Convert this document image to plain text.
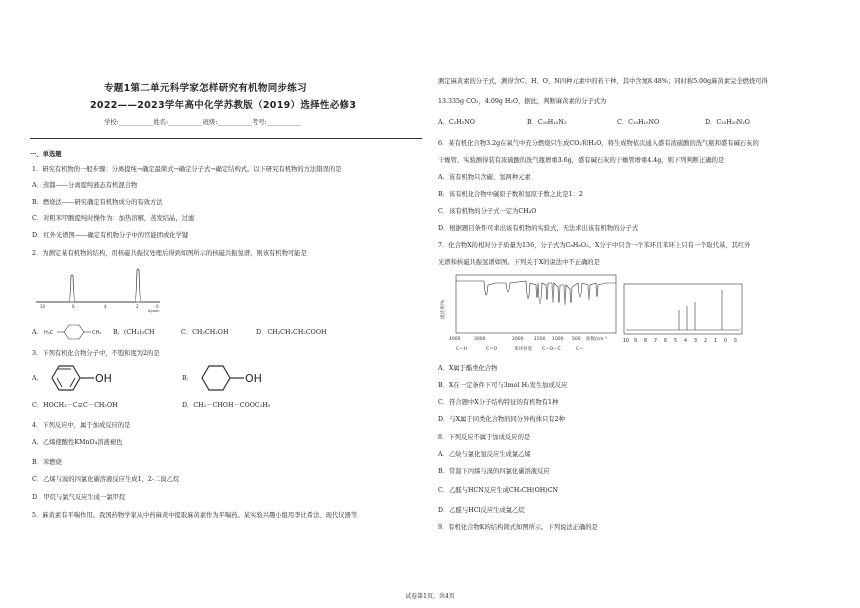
专题1第二单元科学家怎样研究有机物同步练习
2022——2023学年高中化学苏教版（2019）选择性必修3
学校:___________姓名:___________班级:___________考号:___________
一、单选题
1．研究有机物的一般步骤：分离提纯→确定最简式→确定分子式→确定结构式。以下研究有机物的方法错误的是
A．蒸馏——分离提纯液态有机混合物
B．燃烧法——研究确定有机物成分的有效方法
C．对粗苯甲酸提纯时操作为：加热溶解，蒸发结晶，过滤
D．红外光谱图——确定有机物分子中的官能团或化学键
2．为测定某有机物的结构，用核磁共振仪处理后得到如图所示的核磁共振氢谱，则该有机物可能是
10	6	4	2	0
δ/ppm
A． H₃C	CH₃ B．(CH₃)₃CH	C．CH₃CH₂OH	D．CH₃CH₂CH₂COOH
3．下列有机化合物分子中，不饱和度为2的是
A．	OH	B．	OH
C．HOCH₂－C≡C－CH₂OH	D．CH₂－CHOH－COOC₂H₅
4．下列反应中，属于加成反应的是
A．乙烯使酸性KMnO₄溶液褪色
B．苯燃烧
C．乙烯与溴的四氯化碳溶液反应生成1，2-二溴乙烷
D．甲烷与氯气反应生成一氯甲烷
5．麻黄素有平喘作用。我国药物学家从中药麻黄中提取麻黄素作为平喘药。某实验兴趣小组用李比希法、现代仪器等
测定麻黄素的分子式，测得含C、H、O、N四种元素中的若干种，其中含氮8.48%；同时称5.00g麻黄素完全燃烧可得
13.335g CO₂，4.09g H₂O，据此，判断麻黄素的分子式为
A．C₂H₅NO	B．C₁₀H₁₅N₂	C．C₁₀H₁₅NO	D．C₁₀H₂₀N₂O
6．某有机化合物3.2g在氧气中充分燃烧只生成CO₂和H₂O，将生成物依次通入盛有浓硫酸的洗气瓶和盛有碱石灰的
干燥管，实验测得装有浓硫酸的洗气瓶增重3.6g，盛有碱石灰的干燥管增重4.4g，则下列判断正确的是
A．该有机物只含碳、氢两种元素
B．该有机化合物中碳原子数和氢原子数之比是1：2
C．该有机物的分子式一定为CH₄O
D．根据题目条件可求出该有机物的实验式，无法求出该有机物的分子式
7．化合物X的相对分子质量为136，分子式为C₈H₈O₂。X分子中只含一个苯环且苯环上只有一个取代基，其红外
光谱和核磁共振氢谱如图。下列关于X的说法中不正确的是
透过率/%
4000	3000	2000 1500 1000 500 波数/cm⁻¹
C—H	C＝O	苯环骨架 C—O—C	C—
10 9 8 7 6 5 4 3 2 1 0 δ
A．X属于酯类化合物
B．X在一定条件下可与3mol H₂发生加成反应
C．符合题中X分子结构特征的有机物有1种
D．与X属于同类化合物的同分异构体只有2种
8．下列反应不属于加成反应的是
A．乙炔与氯化氢反应生成氯乙烯
B．常温下丙烯与溴的四氯化碳溶液反应
C．乙醛与HCN反应生成CH₃CH(OH)CN
D．乙醛与HCl反应生成氯乙烷
9．有机化合物K的结构简式如图所示。下列说法正确的是
试卷第1页，共4页
